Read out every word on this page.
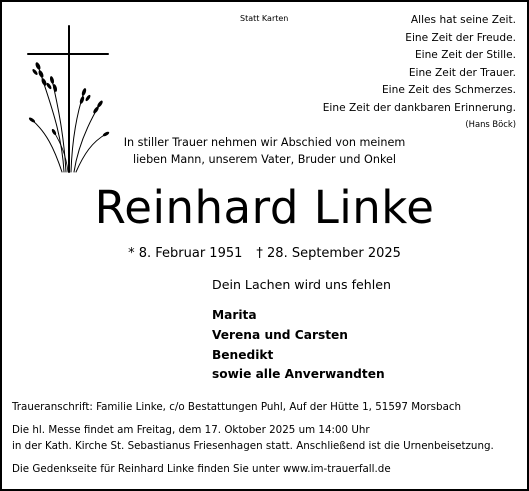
Statt Karten	Alles hat seine Zeit.
Eine Zeit der Freude.
Eine Zeit der Stille.
Eine Zeit der Trauer.
Eine Zeit des Schmerzes.
Eine Zeit der dankbaren Erinnerung.
(Hans Böck)
In stiller Trauer nehmen wir Abschied von meinem
lieben Mann, unserem Vater, Bruder und Onkel
Reinhard Linke
* 8. Februar 1951 † 28. September 2025
Dein Lachen wird uns fehlen
Marita
Verena und Carsten
Benedikt
sowie alle Anverwandten
Traueranschrift: Familie Linke, c/o Bestattungen Puhl, Auf der Hütte 1, 51597 Morsbach
Die hl. Messe findet am Freitag, dem 17. Oktober 2025 um 14:00 Uhr
in der Kath. Kirche St. Sebastianus Friesenhagen statt. Anschließend ist die Urnenbeisetzung.
Die Gedenkseite für Reinhard Linke finden Sie unter www.im-trauerfall.de
